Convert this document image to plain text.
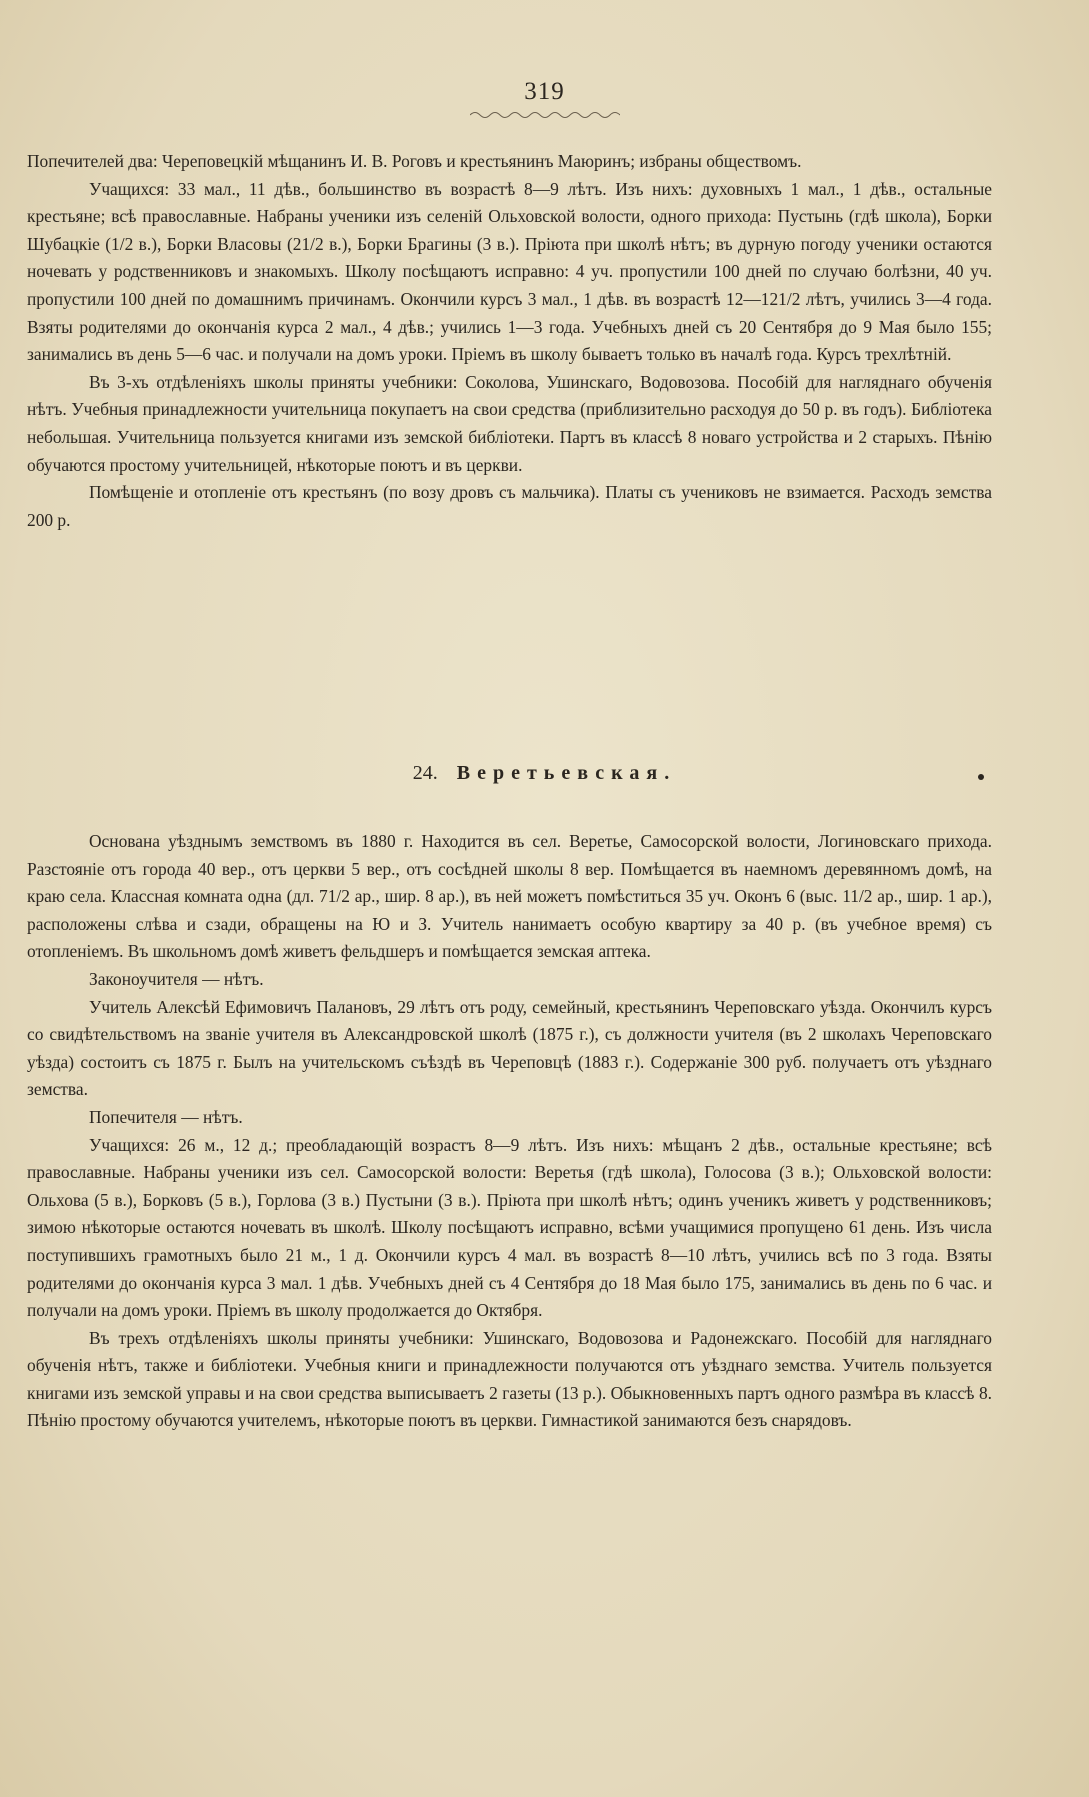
319

Попечителей два: Череповецкій мѣщанинъ И. В. Роговъ и крестьянинъ Маюринъ; избраны обществомъ.

Учащихся: 33 мал., 11 дѣв., большинство въ возрастѣ 8—9 лѣтъ. Изъ нихъ: духовныхъ 1 мал., 1 дѣв., остальные крестьяне; всѣ православные. Набраны ученики изъ селеній Ольховской волости, одного прихода: Пустынь (гдѣ школа), Борки Шубацкіе (1/2 в.), Борки Власовы (21/2 в.), Борки Брагины (3 в.). Пріюта при школѣ нѣтъ; въ дурную погоду ученики остаются ночевать у родственниковъ и знакомыхъ. Школу посѣщаютъ исправно: 4 уч. пропустили 100 дней по случаю болѣзни, 40 уч. пропустили 100 дней по домашнимъ причинамъ. Окончили курсъ 3 мал., 1 дѣв. въ возрастѣ 12—121/2 лѣтъ, учились 3—4 года. Взяты родителями до окончанія курса 2 мал., 4 дѣв.; учились 1—3 года. Учебныхъ дней съ 20 Сентября до 9 Мая было 155; занимались въ день 5—6 час. и получали на домъ уроки. Пріемъ въ школу бываетъ только въ началѣ года. Курсъ трехлѣтній.

Въ 3-хъ отдѣленіяхъ школы приняты учебники: Соколова, Ушинскаго, Водовозова. Пособій для нагляднаго обученія нѣтъ. Учебныя принадлежности учительница покупаетъ на свои средства (приблизительно расходуя до 50 р. въ годъ). Библіотека небольшая. Учительница пользуется книгами изъ земской библіотеки. Партъ въ классѣ 8 новаго устройства и 2 старыхъ. Пѣнію обучаются простому учительницей, нѣкоторые поютъ и въ церкви.

Помѣщеніе и отопленіе отъ крестьянъ (по возу дровъ съ мальчика). Платы съ учениковъ не взимается. Расходъ земства 200 р.

24. Веретьевская.

Основана уѣзднымъ земствомъ въ 1880 г. Находится въ сел. Веретье, Самосорской волости, Логиновскаго прихода. Разстояніе отъ города 40 вер., отъ церкви 5 вер., отъ сосѣдней школы 8 вер. Помѣщается въ наемномъ деревянномъ домѣ, на краю села. Классная комната одна (дл. 71/2 ар., шир. 8 ар.), въ ней можетъ помѣститься 35 уч. Оконъ 6 (выс. 11/2 ар., шир. 1 ар.), расположены слѣва и сзади, обращены на Ю и З. Учитель нанимаетъ особую квартиру за 40 р. (въ учебное время) съ отопленіемъ. Въ школьномъ домѣ живетъ фельдшеръ и помѣщается земская аптека.

Законоучителя — нѣтъ.

Учитель Алексѣй Ефимовичъ Палановъ, 29 лѣтъ отъ роду, семейный, крестьянинъ Череповскаго уѣзда. Окончилъ курсъ со свидѣтельствомъ на званіе учителя въ Александровской школѣ (1875 г.), съ должности учителя (въ 2 школахъ Череповскаго уѣзда) состоитъ съ 1875 г. Былъ на учительскомъ съѣздѣ въ Череповцѣ (1883 г.). Содержаніе 300 руб. получаетъ отъ уѣзднаго земства.

Попечителя — нѣтъ.

Учащихся: 26 м., 12 д.; преобладающій возрастъ 8—9 лѣтъ. Изъ нихъ: мѣщанъ 2 дѣв., остальные крестьяне; всѣ православные. Набраны ученики изъ сел. Самосорской волости: Веретья (гдѣ школа), Голосова (3 в.); Ольховской волости: Ольхова (5 в.), Борковъ (5 в.), Горлова (3 в.) Пустыни (3 в.). Пріюта при школѣ нѣтъ; одинъ ученикъ живетъ у родственниковъ; зимою нѣкоторые остаются ночевать въ школѣ. Школу посѣщаютъ исправно, всѣми учащимися пропущено 61 день. Изъ числа поступившихъ грамотныхъ было 21 м., 1 д. Окончили курсъ 4 мал. въ возрастѣ 8—10 лѣтъ, учились всѣ по 3 года. Взяты родителями до окончанія курса 3 мал. 1 дѣв. Учебныхъ дней съ 4 Сентября до 18 Мая было 175, занимались въ день по 6 час. и получали на домъ уроки. Пріемъ въ школу продолжается до Октября.

Въ трехъ отдѣленіяхъ школы приняты учебники: Ушинскаго, Водовозова и Радонежскаго. Пособій для нагляднаго обученія нѣтъ, также и библіотеки. Учебныя книги и принадлежности получаются отъ уѣзднаго земства. Учитель пользуется книгами изъ земской управы и на свои средства выписываетъ 2 газеты (13 р.). Обыкновенныхъ партъ одного размѣра въ классѣ 8. Пѣнію простому обучаются учителемъ, нѣкоторые поютъ въ церкви. Гимнастикой занимаются безъ снарядовъ.
